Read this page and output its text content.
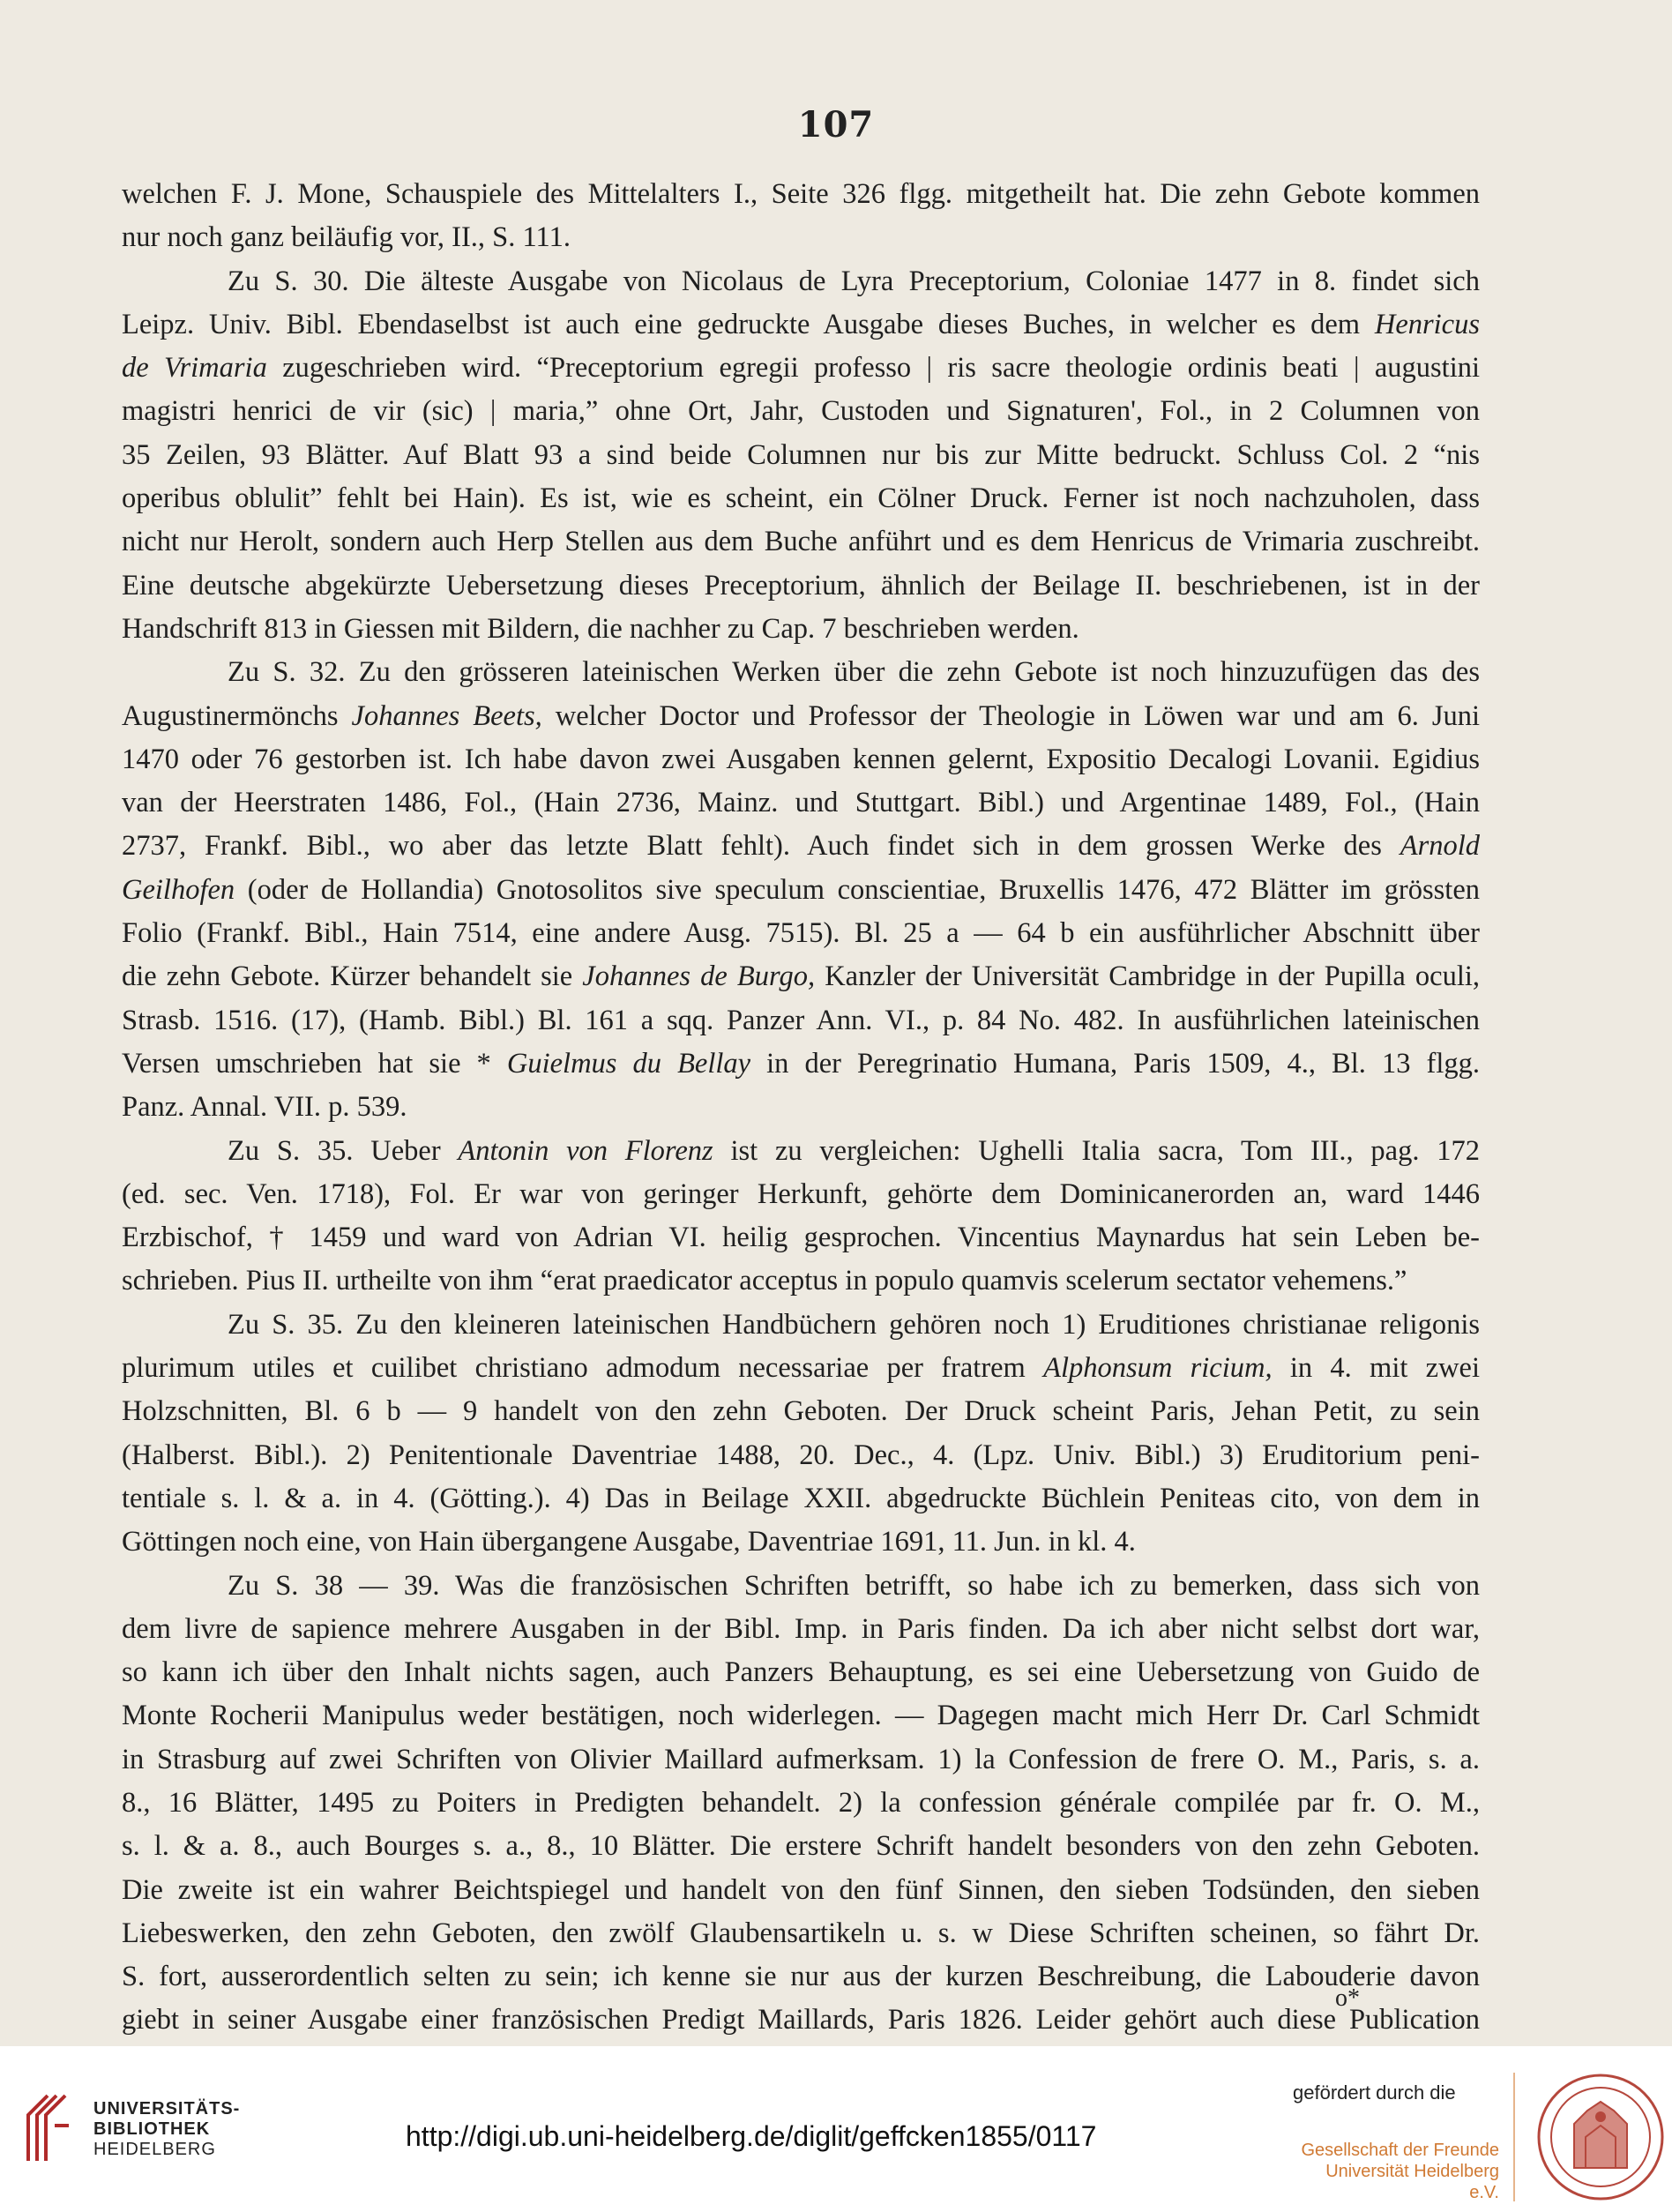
107
welchen F. J. Mone, Schauspiele des Mittelalters I., Seite 326 flgg. mitgetheilt hat. Die zehn Gebote kommen
nur noch ganz beiläufig vor, II., S. 111.
Zu S. 30. Die älteste Ausgabe von Nicolaus de Lyra Preceptorium, Coloniae 1477 in 8. findet sich
Leipz. Univ. Bibl. Ebendaselbst ist auch eine gedruckte Ausgabe dieses Buches, in welcher es dem Henricus
de Vrimaria zugeschrieben wird. “Preceptorium egregii professo | ris sacre theologie ordinis beati | augustini
magistri henrici de vir (sic) | maria,” ohne Ort, Jahr, Custoden und Signaturen', Fol., in 2 Columnen von
35 Zeilen, 93 Blätter. Auf Blatt 93 a sind beide Columnen nur bis zur Mitte bedruckt. Schluss Col. 2 “nis
operibus oblulit” fehlt bei Hain). Es ist, wie es scheint, ein Cölner Druck. Ferner ist noch nachzuholen, dass
nicht nur Herolt, sondern auch Herp Stellen aus dem Buche anführt und es dem Henricus de Vrimaria zuschreibt.
Eine deutsche abgekürzte Uebersetzung dieses Preceptorium, ähnlich der Beilage II. beschriebenen, ist in der
Handschrift 813 in Giessen mit Bildern, die nachher zu Cap. 7 beschrieben werden.
Zu S. 32. Zu den grösseren lateinischen Werken über die zehn Gebote ist noch hinzuzufügen das des
Augustinermönchs Johannes Beets, welcher Doctor und Professor der Theologie in Löwen war und am 6. Juni
1470 oder 76 gestorben ist. Ich habe davon zwei Ausgaben kennen gelernt, Expositio Decalogi Lovanii. Egidius
van der Heerstraten 1486, Fol., (Hain 2736, Mainz. und Stuttgart. Bibl.) und Argentinae 1489, Fol., (Hain
2737, Frankf. Bibl., wo aber das letzte Blatt fehlt). Auch findet sich in dem grossen Werke des Arnold
Geilhofen (oder de Hollandia) Gnotosolitos sive speculum conscientiae, Bruxellis 1476, 472 Blätter im grössten
Folio (Frankf. Bibl., Hain 7514, eine andere Ausg. 7515). Bl. 25 a — 64 b ein ausführlicher Abschnitt über
die zehn Gebote. Kürzer behandelt sie Johannes de Burgo, Kanzler der Universität Cambridge in der Pupilla oculi,
Strasb. 1516. (17), (Hamb. Bibl.) Bl. 161 a sqq. Panzer Ann. VI., p. 84 No. 482. In ausführlichen lateinischen
Versen umschrieben hat sie * Guielmus du Bellay in der Peregrinatio Humana, Paris 1509, 4., Bl. 13 flgg.
Panz. Annal. VII. p. 539.
Zu S. 35. Ueber Antonin von Florenz ist zu vergleichen: Ughelli Italia sacra, Tom III., pag. 172
(ed. sec. Ven. 1718), Fol. Er war von geringer Herkunft, gehörte dem Dominicanerorden an, ward 1446
Erzbischof, † 1459 und ward von Adrian VI. heilig gesprochen. Vincentius Maynardus hat sein Leben be-
schrieben. Pius II. urtheilte von ihm “erat praedicator acceptus in populo quamvis scelerum sectator vehemens.”
Zu S. 35. Zu den kleineren lateinischen Handbüchern gehören noch 1) Eruditiones christianae religonis
plurimum utiles et cuilibet christiano admodum necessariae per fratrem Alphonsum ricium, in 4. mit zwei
Holzschnitten, Bl. 6 b — 9 handelt von den zehn Geboten. Der Druck scheint Paris, Jehan Petit, zu sein
(Halberst. Bibl.). 2) Penitentionale Daventriae 1488, 20. Dec., 4. (Lpz. Univ. Bibl.) 3) Eruditorium peni-
tentiale s. l. & a. in 4. (Götting.). 4) Das in Beilage XXII. abgedruckte Büchlein Peniteas cito, von dem in
Göttingen noch eine, von Hain übergangene Ausgabe, Daventriae 1691, 11. Jun. in kl. 4.
Zu S. 38 — 39. Was die französischen Schriften betrifft, so habe ich zu bemerken, dass sich von
dem livre de sapience mehrere Ausgaben in der Bibl. Imp. in Paris finden. Da ich aber nicht selbst dort war,
so kann ich über den Inhalt nichts sagen, auch Panzers Behauptung, es sei eine Uebersetzung von Guido de
Monte Rocherii Manipulus weder bestätigen, noch widerlegen. — Dagegen macht mich Herr Dr. Carl Schmidt
in Strasburg auf zwei Schriften von Olivier Maillard aufmerksam. 1) la Confession de frere O. M., Paris, s. a.
8., 16 Blätter, 1495 zu Poiters in Predigten behandelt. 2) la confession générale compilée par fr. O. M.,
s. l. & a. 8., auch Bourges s. a., 8., 10 Blätter. Die erstere Schrift handelt besonders von den zehn Geboten.
Die zweite ist ein wahrer Beichtspiegel und handelt von den fünf Sinnen, den sieben Todsünden, den sieben
Liebeswerken, den zehn Geboten, den zwölf Glaubensartikeln u. s. w Diese Schriften scheinen, so fährt Dr.
S. fort, ausserordentlich selten zu sein; ich kenne sie nur aus der kurzen Beschreibung, die Labouderie davon
giebt in seiner Ausgabe einer französischen Predigt Maillards, Paris 1826. Leider gehört auch diese Publication
o*
UNIVERSITÄTS-
BIBLIOTHEK
HEIDELBERG	http://digi.ub.uni-heidelberg.de/diglit/geffcken1855/0117
gefördert durch die
Gesellschaft der Freunde
Universität Heidelberg e.V.
